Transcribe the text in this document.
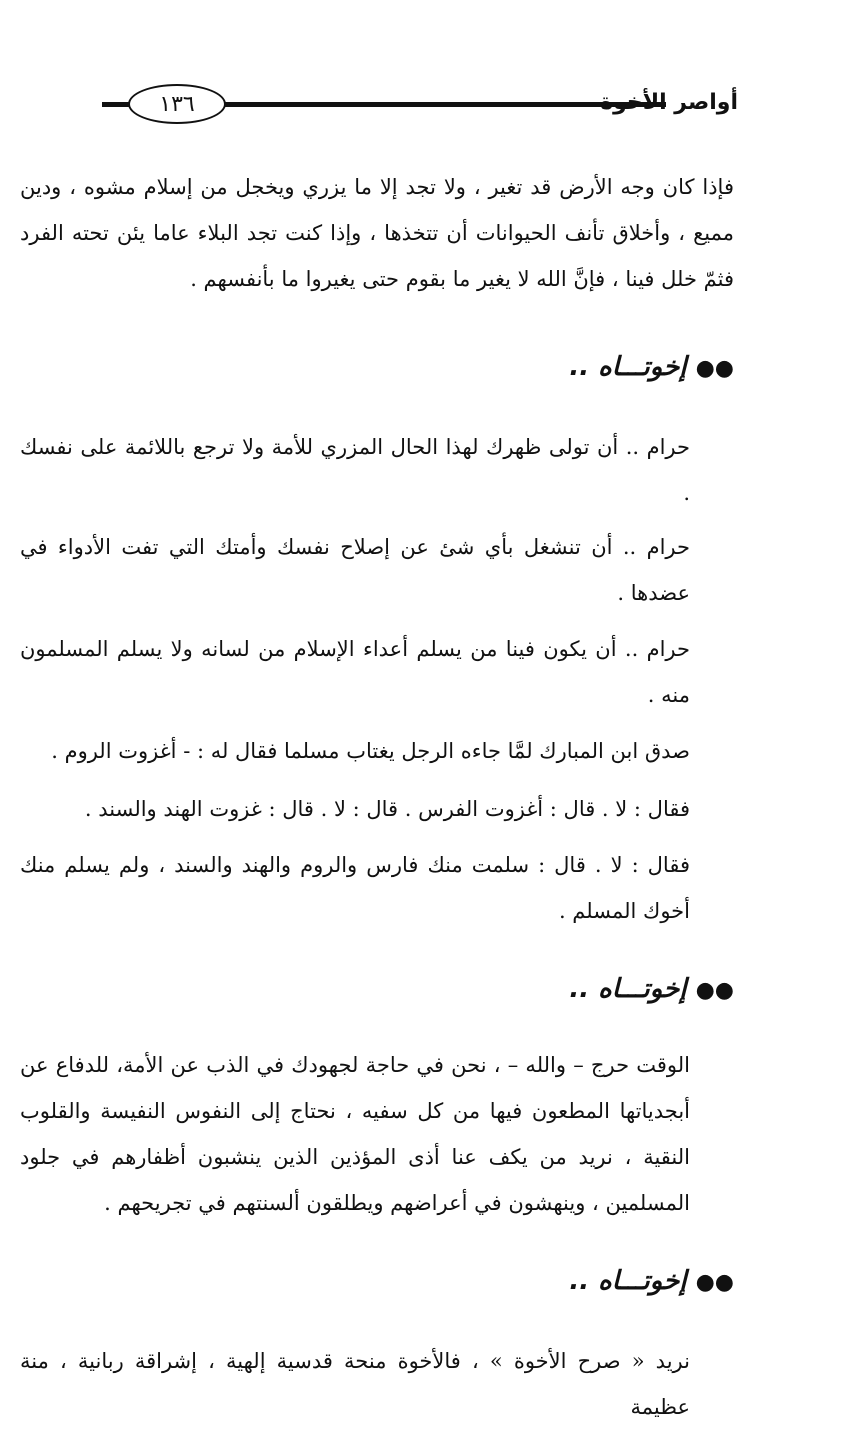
١٣٦	أواصر الأخوة

فإذا كان وجه الأرض قد تغير ، ولا تجد إلا ما يزري ويخجل من إسلام مشوه ، ودين مميع ، وأخلاق تأنف الحيوانات أن تتخذها ، وإذا كنت تجد البلاء عاما يئن تحته الفرد فثمّ خلل فينا ، فإنَّ الله لا يغير ما بقوم حتى يغيروا ما بأنفسهم .

●● إخوتـــاه ..

حرام .. أن تولى ظهرك لهذا الحال المزري للأمة ولا ترجع باللائمة على نفسك .

حرام .. أن تنشغل بأي شئ عن إصلاح نفسك وأمتك التي تفت الأدواء في عضدها .

حرام .. أن يكون فينا من يسلم أعداء الإسلام من لسانه ولا يسلم المسلمون منه .

صدق ابن المبارك لمَّا جاءه الرجل يغتاب مسلما فقال له : - أغزوت الروم .

فقال : لا . قال : أغزوت الفرس . قال : لا . قال : غزوت الهند والسند .

فقال : لا . قال : سلمت منك فارس والروم والهند والسند ، ولم يسلم منك أخوك المسلم .

●● إخوتـــاه ..

الوقت حرج – والله – ، نحن في حاجة لجهودك في الذب عن الأمة، للدفاع عن أبجدياتها المطعون فيها من كل سفيه ، نحتاج إلى النفوس النفيسة والقلوب النقية ، نريد من يكف عنا أذى المؤذين الذين ينشبون أظفارهم في جلود المسلمين ، وينهشون في أعراضهم ويطلقون ألسنتهم في تجريحهم .

●● إخوتـــاه ..

نريد « صرح الأخوة » ، فالأخوة منحة قدسية إلهية ، إشراقة ربانية ، منة عظيمة
